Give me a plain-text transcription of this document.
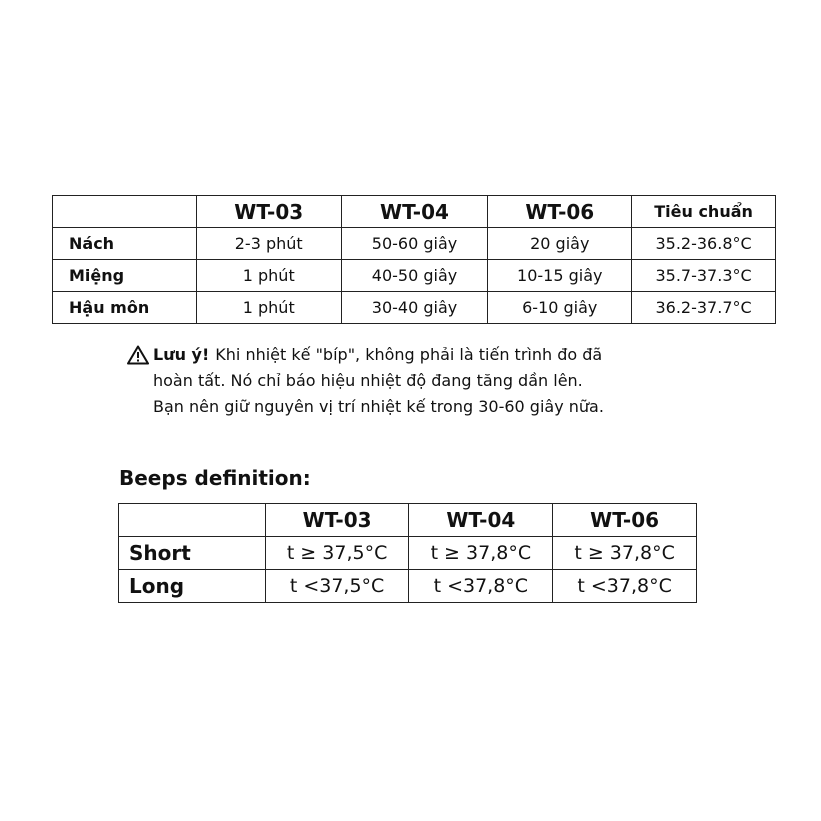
	WT-03	WT-04	WT-06	Tiêu chuẩn
Nách	2-3 phút	50-60 giây	20 giây	35.2-36.8°C
Miệng	1 phút	40-50 giây	10-15 giây	35.7-37.3°C
Hậu môn	1 phút	30-40 giây	6-10 giây	36.2-37.7°C
Lưu ý! Khi nhiệt kế "bíp", không phải là tiến trình đo đã
hoàn tất. Nó chỉ báo hiệu nhiệt độ đang tăng dần lên.
Bạn nên giữ nguyên vị trí nhiệt kế trong 30-60 giây nữa.
Beeps definition:
	WT-03	WT-04	WT-06
Short	t ≥ 37,5°C	t ≥ 37,8°C	t ≥ 37,8°C
Long	t <37,5°C	t <37,8°C	t <37,8°C
